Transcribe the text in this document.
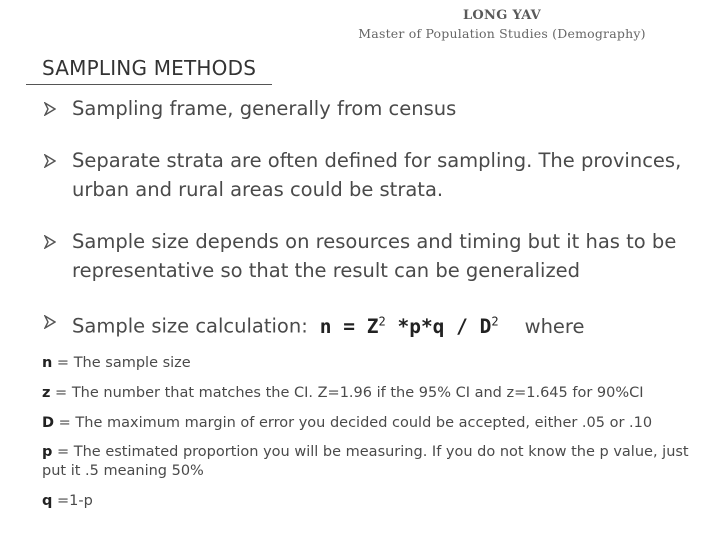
LONG YAV
Master of Population Studies (Demography)
SAMPLING METHODS
Sampling frame, generally from census
Separate strata are often defined for sampling. The provinces, urban and rural areas could be strata.
Sample size depends on resources and timing but it has to be representative so that the result can be generalized
Sample size calculation: $n = Z^2$ $*p*q / D^2$ where
n = The sample size
z = The number that matches the CI. Z=1.96 if the 95% CI and z=1.645 for 90%CI
D = The maximum margin of error you decided could be accepted, either .05 or .10
p = The estimated proportion you will be measuring. If you do not know the p value, just put it .5 meaning 50%
q =1-p
